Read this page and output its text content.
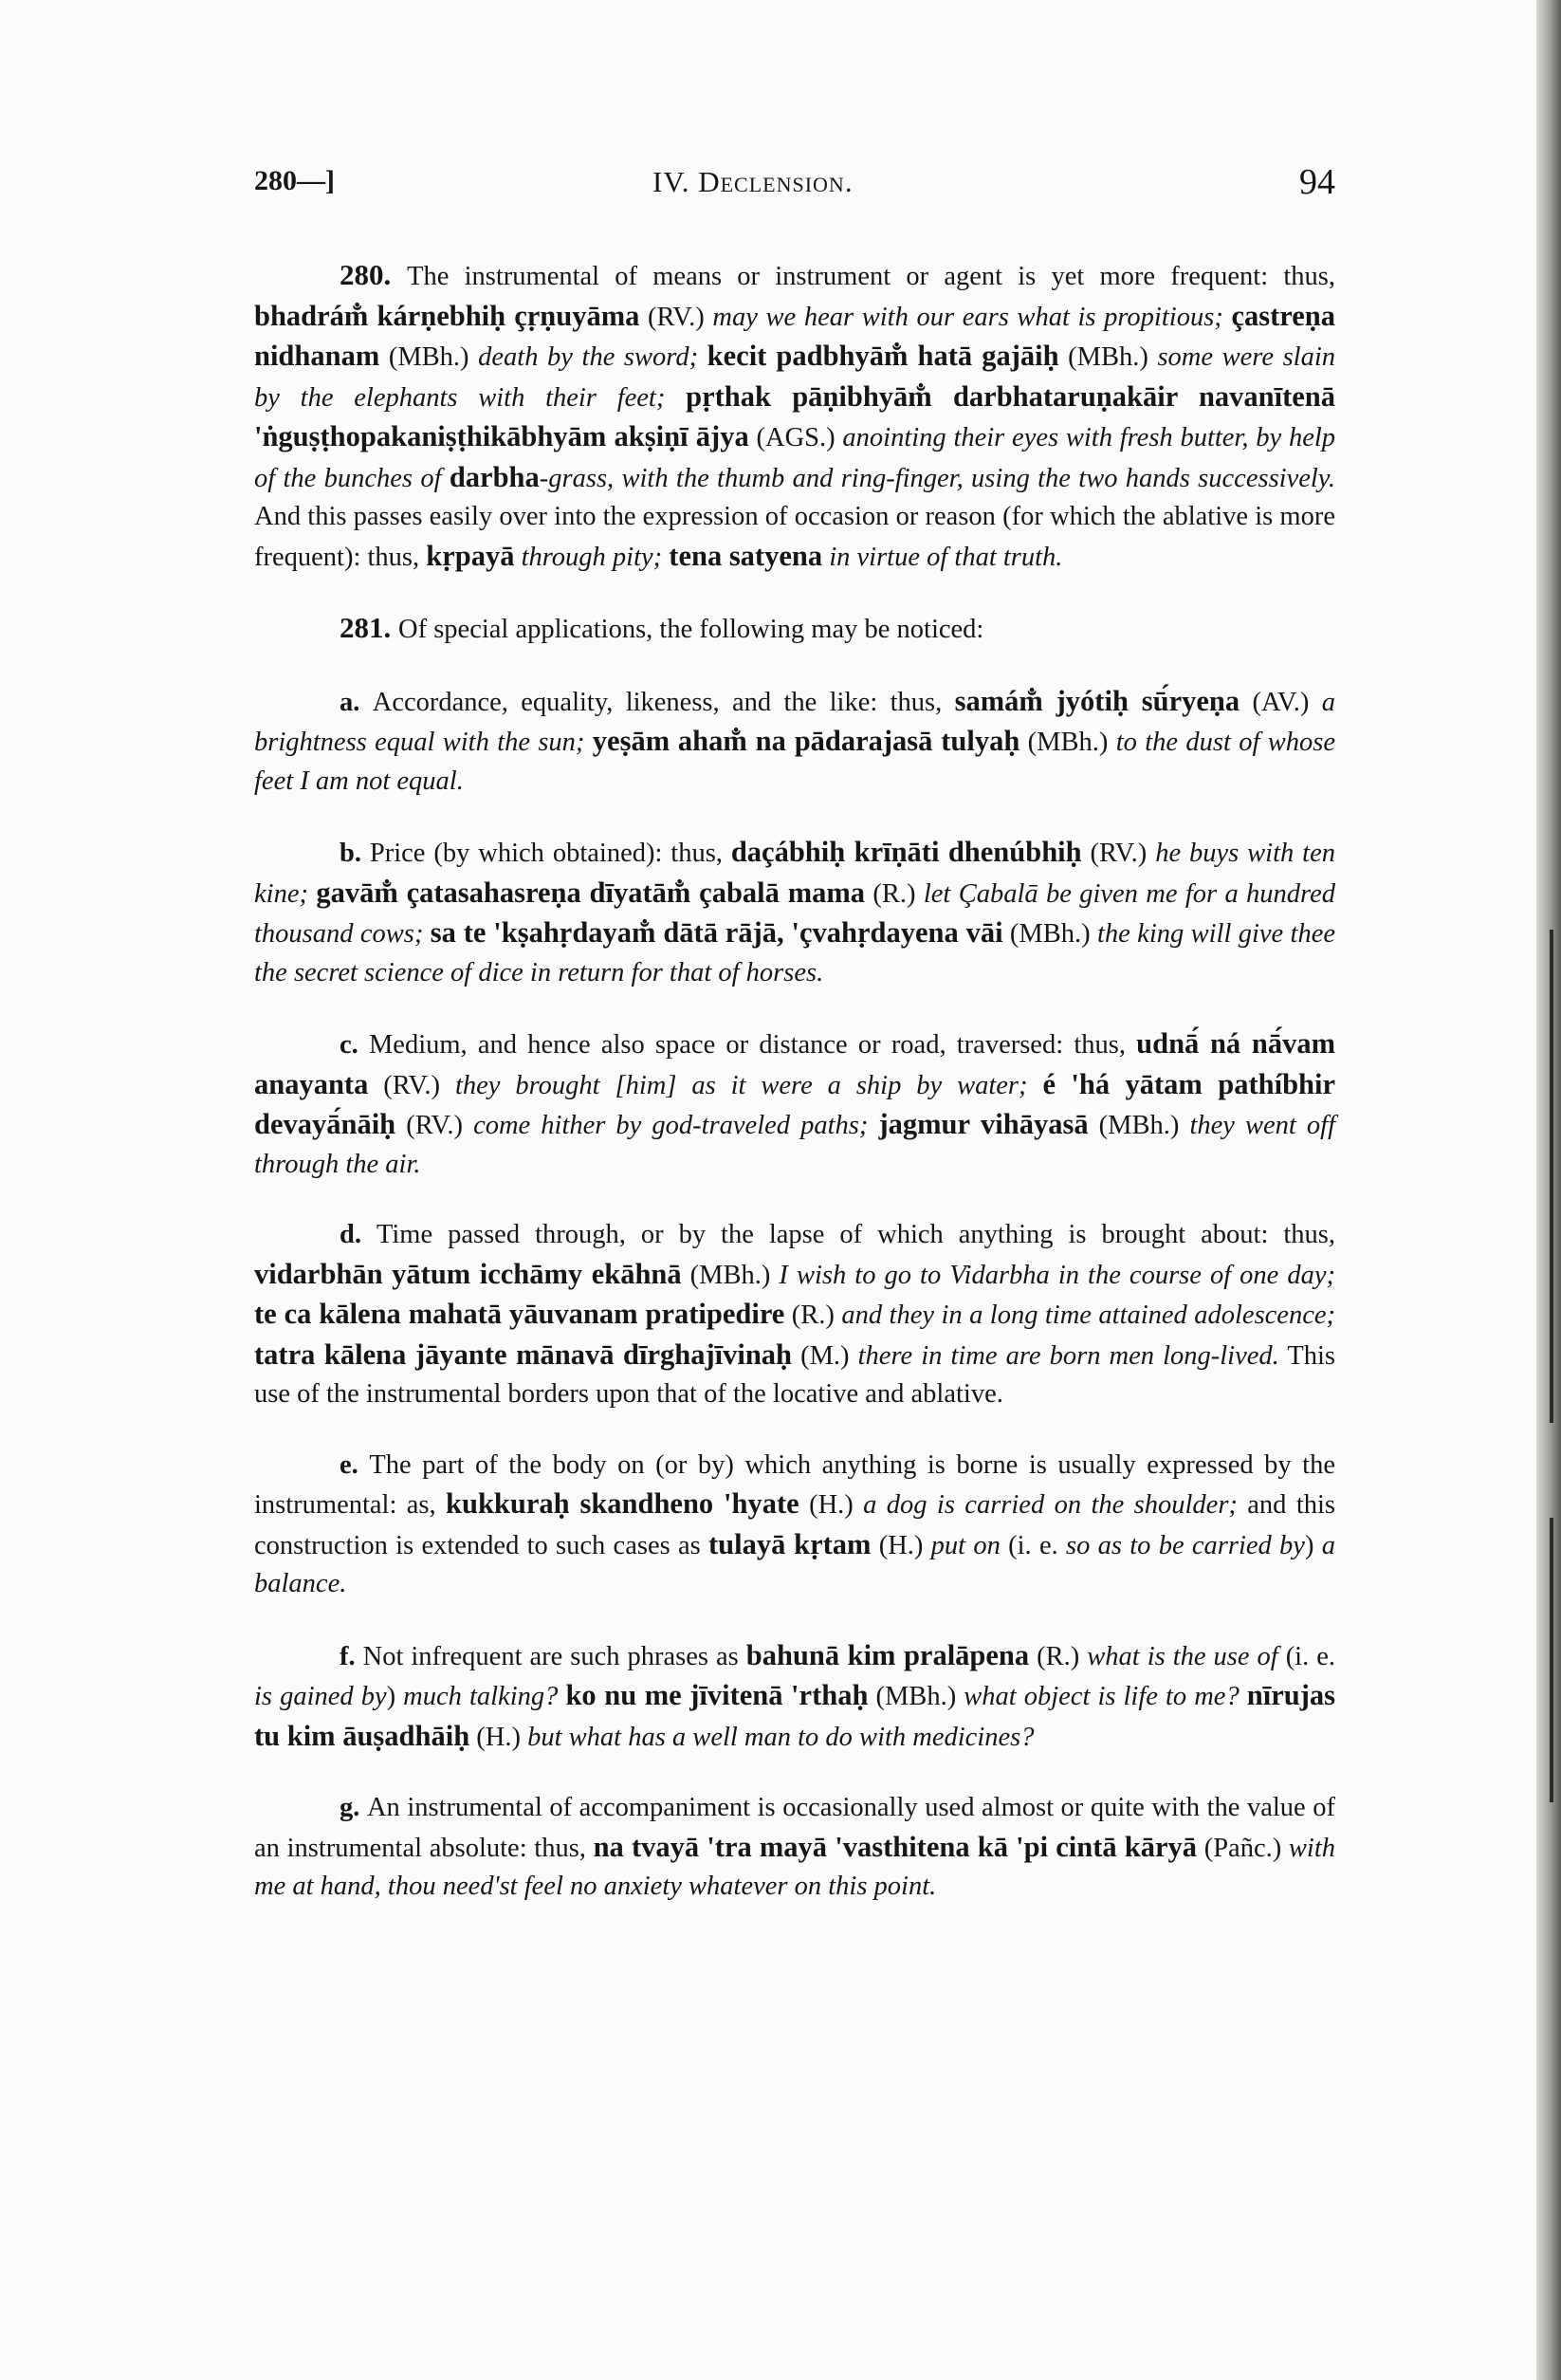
280—]	IV. Declension.	94

280. The instrumental of means or instrument or agent is yet more frequent: thus, bhadrám̐ kárṇebhiḥ çṛṇuyāma (RV.) may we hear with our ears what is propitious; çastreṇa nidhanam (MBh.) death by the sword; kecit padbhyām̐ hatā gajāiḥ (MBh.) some were slain by the elephants with their feet; pṛthak pāṇibhyām̐ darbhataruṇakāir navanītenā 'ṅguṣṭhopakaniṣṭhikābhyām akṣiṇī ājya (AGS.) anointing their eyes with fresh butter, by help of the bunches of darbha-grass, with the thumb and ring-finger, using the two hands successively. And this passes easily over into the expression of occasion or reason (for which the ablative is more frequent): thus, kṛpayā through pity; tena satyena in virtue of that truth.

281. Of special applications, the following may be noticed:

a. Accordance, equality, likeness, and the like: thus, samám̐ jyótiḥ sū́ryeṇa (AV.) a brightness equal with the sun; yeṣām aham̐ na pādarajasā tulyaḥ (MBh.) to the dust of whose feet I am not equal.

b. Price (by which obtained): thus, daçábhiḥ krīṇāti dhenúbhiḥ (RV.) he buys with ten kine; gavām̐ çatasahasreṇa dīyatām̐ çabalā mama (R.) let Çabalā be given me for a hundred thousand cows; sa te 'kṣahṛdayam̐ dātā rājā, 'çvahṛdayena vāi (MBh.) the king will give thee the secret science of dice in return for that of horses.

c. Medium, and hence also space or distance or road, traversed: thus, udnā́ ná nā́vam anayanta (RV.) they brought [him] as it were a ship by water; é 'há yātam pathíbhir devayā́nāiḥ (RV.) come hither by god-traveled paths; jagmur vihāyasā (MBh.) they went off through the air.

d. Time passed through, or by the lapse of which anything is brought about: thus, vidarbhān yātum icchāmy ekāhnā (MBh.) I wish to go to Vidarbha in the course of one day; te ca kālena mahatā yāuvanam pratipedire (R.) and they in a long time attained adolescence; tatra kālena jāyante mānavā dīrghajīvinaḥ (M.) there in time are born men long-lived. This use of the instrumental borders upon that of the locative and ablative.

e. The part of the body on (or by) which anything is borne is usually expressed by the instrumental: as, kukkuraḥ skandheno 'hyate (H.) a dog is carried on the shoulder; and this construction is extended to such cases as tulayā kṛtam (H.) put on (i. e. so as to be carried by) a balance.

f. Not infrequent are such phrases as bahunā kim pralāpena (R.) what is the use of (i. e. is gained by) much talking? ko nu me jīvitenā 'rthaḥ (MBh.) what object is life to me? nīrujas tu kim āuṣadhāiḥ (H.) but what has a well man to do with medicines?

g. An instrumental of accompaniment is occasionally used almost or quite with the value of an instrumental absolute: thus, na tvayā 'tra mayā 'vasthitena kā 'pi cintā kāryā (Pañc.) with me at hand, thou need'st feel no anxiety whatever on this point.
